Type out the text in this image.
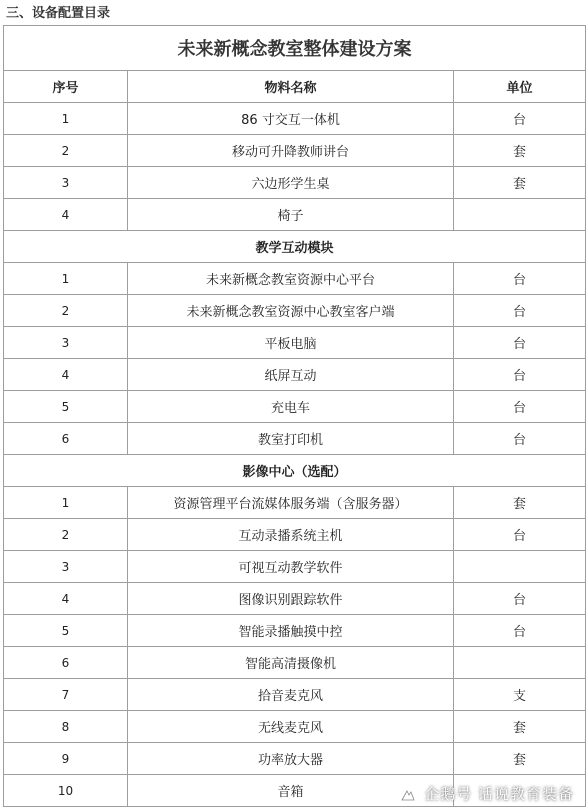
三、设备配置目录
未来新概念教室整体建设方案		
序号	物料名称	单位
1	86 寸交互一体机	台
2	移动可升降教师讲台	套
3	六边形学生桌	套
4	椅子	
教学互动模块		
1	未来新概念教室资源中心平台	台
2	未来新概念教室资源中心教室客户端	台
3	平板电脑	台
4	纸屏互动	台
5	充电车	台
6	教室打印机	台
影像中心（选配）		
1	资源管理平台流媒体服务端（含服务器）	套
2	互动录播系统主机	台
3	可视互动教学软件	
4	图像识别跟踪软件	台
5	智能录播触摸中控	台
6	智能高清摄像机	
7	拾音麦克风	支
8	无线麦克风	套
9	功率放大器	套
10	音箱		企鹅号 话说教育装备
